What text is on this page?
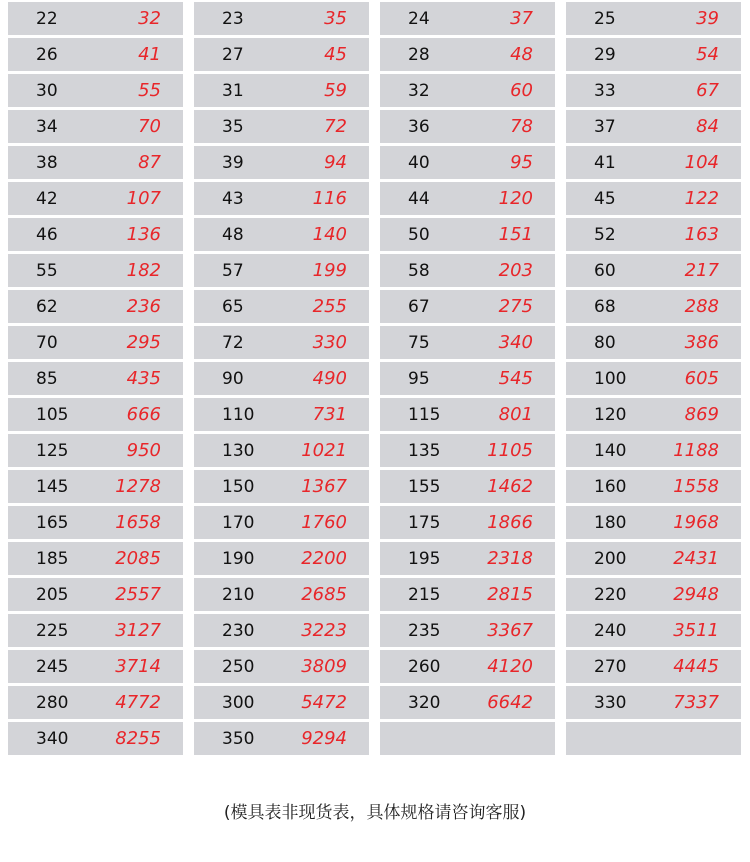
22	32	23	35	24	37	25	39
26	41	27	45	28	48	29	54
30	55	31	59	32	60	33	67
34	70	35	72	36	78	37	84
38	87	39	94	40	95	41	104
42	107	43	116	44	120	45	122
46	136	48	140	50	151	52	163
55	182	57	199	58	203	60	217
62	236	65	255	67	275	68	288
70	295	72	330	75	340	80	386
85	435	90	490	95	545	100	605
105	666	110	731	115	801	120	869
125	950	130	1021	135	1105	140	1188
145	1278	150	1367	155	1462	160	1558
165	1658	170	1760	175	1866	180	1968
185	2085	190	2200	195	2318	200	2431
205	2557	210	2685	215	2815	220	2948
225	3127	230	3223	235	3367	240	3511
245	3714	250	3809	260	4120	270	4445
280	4772	300	5472	320	6642	330	7337
340	8255	350	9294
(模具表非现货表，具体规格请咨询客服)
